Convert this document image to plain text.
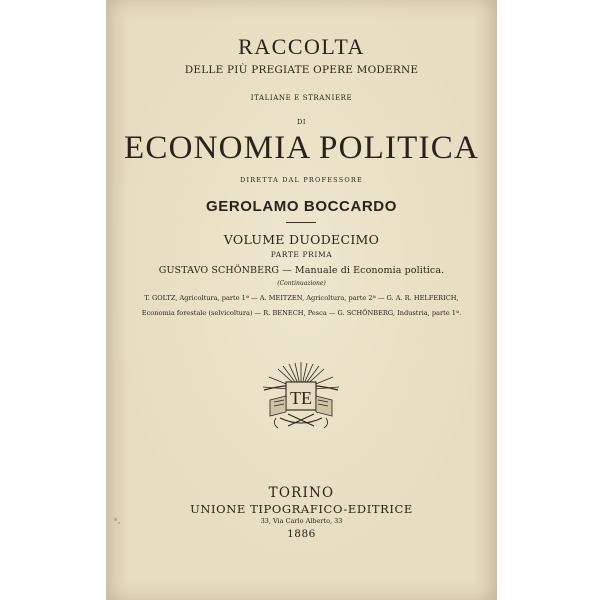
RACCOLTA
DELLE PIÙ PREGIATE OPERE MODERNE
ITALIANE E STRANIERE
DI
ECONOMIA POLITICA
DIRETTA DAL PROFESSORE
GEROLAMO BOCCARDO
VOLUME DUODECIMO
PARTE PRIMA
GUSTAVO SCHÖNBERG — Manuale di Economia politica.
(Continuazione)
T. GOLTZ, Agricoltura, parte 1ª — A. MEITZEN, Agricoltura, parte 2ª — G. A. R. HELFERICH,
Economia forestale (selvicoltura) — R. BENECH, Pesca — G. SCHÖNBERG, Industria, parte 1ª.
TE
TORINO
UNIONE TIPOGRAFICO-EDITRICE
33, Via Carlo Alberto, 33
1886
